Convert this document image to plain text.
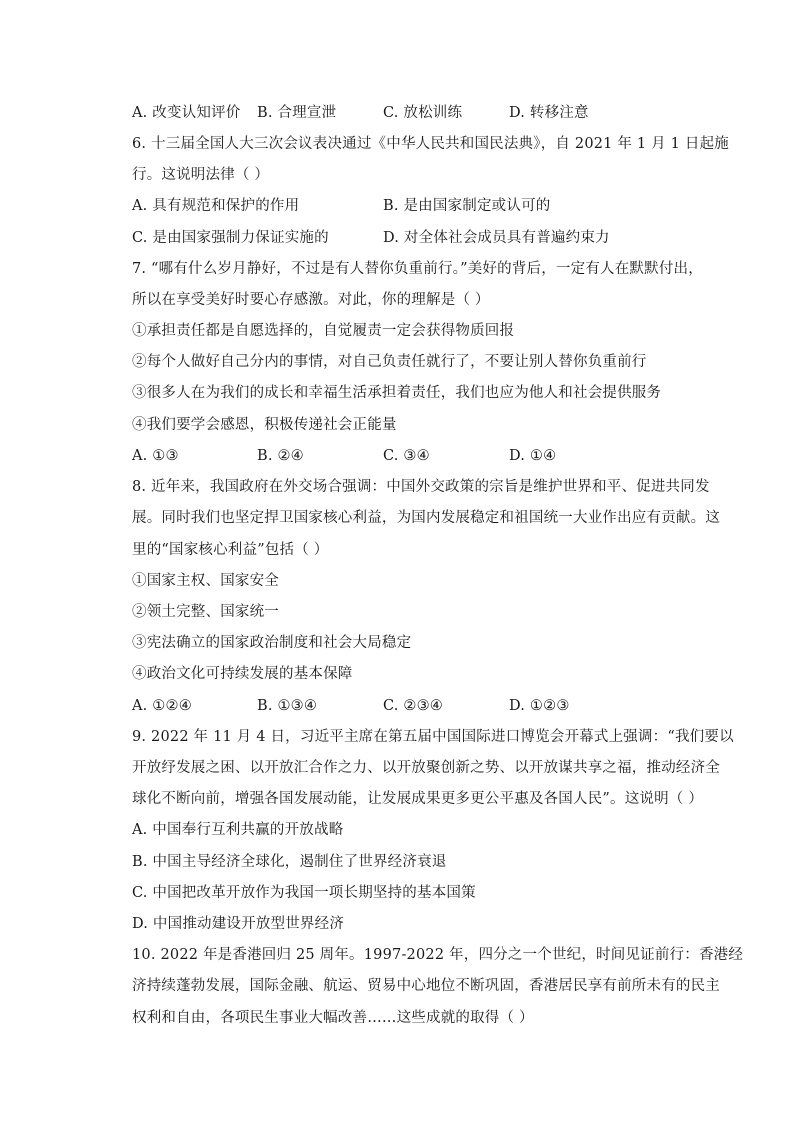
A. 改变认知评价	B. 合理宣泄	C. 放松训练	D. 转移注意
6. 十三届全国人大三次会议表决通过《中华人民共和国民法典》，自 2021 年 1 月 1 日起施
行。这说明法律（ ）
A. 具有规范和保护的作用	B. 是由国家制定或认可的
C. 是由国家强制力保证实施的	D. 对全体社会成员具有普遍约束力
7. “哪有什么岁月静好，不过是有人替你负重前行。”美好的背后，一定有人在默默付出，
所以在享受美好时要心存感激。对此，你的理解是（ ）
①承担责任都是自愿选择的，自觉履责一定会获得物质回报
②每个人做好自己分内的事情，对自己负责任就行了，不要让别人替你负重前行
③很多人在为我们的成长和幸福生活承担着责任，我们也应为他人和社会提供服务
④我们要学会感恩，积极传递社会正能量
A. ①③	B. ②④	C. ③④	D. ①④
8. 近年来，我国政府在外交场合强调：中国外交政策的宗旨是维护世界和平、促进共同发
展。同时我们也坚定捍卫国家核心利益，为国内发展稳定和祖国统一大业作出应有贡献。这
里的“国家核心利益”包括（ ）
①国家主权、国家安全
②领土完整、国家统一
③宪法确立的国家政治制度和社会大局稳定
④政治文化可持续发展的基本保障
A. ①②④	B. ①③④	C. ②③④	D. ①②③
9. 2022 年 11 月 4 日，习近平主席在第五届中国国际进口博览会开幕式上强调：“我们要以
开放纾发展之困、以开放汇合作之力、以开放聚创新之势、以开放谋共享之福，推动经济全
球化不断向前，增强各国发展动能，让发展成果更多更公平惠及各国人民”。这说明（ ）
A. 中国奉行互利共赢的开放战略
B. 中国主导经济全球化，遏制住了世界经济衰退
C. 中国把改革开放作为我国一项长期坚持的基本国策
D. 中国推动建设开放型世界经济
10. 2022 年是香港回归 25 周年。1997-2022 年，四分之一个世纪，时间见证前行：香港经
济持续蓬勃发展，国际金融、航运、贸易中心地位不断巩固，香港居民享有前所未有的民主
权利和自由，各项民生事业大幅改善……这些成就的取得（ ）
